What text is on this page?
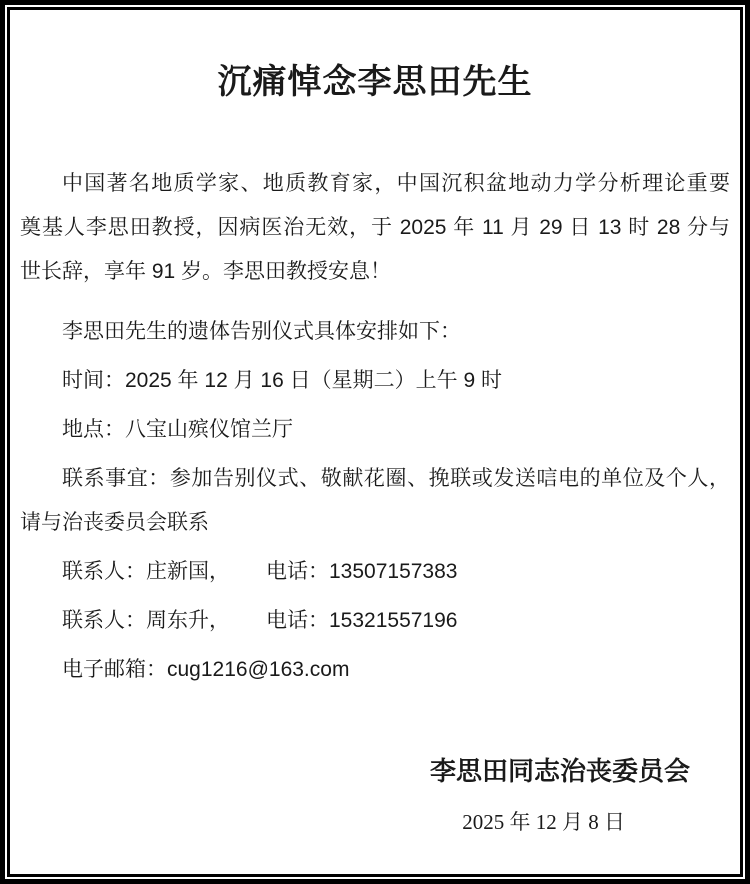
沉痛悼念李思田先生
中国著名地质学家、地质教育家，中国沉积盆地动力学分析理论重要
奠基人李思田教授，因病医治无效，于 2025 年 11 月 29 日 13 时 28 分与
世长辞，享年 91 岁。李思田教授安息！
李思田先生的遗体告别仪式具体安排如下：
时间：2025 年 12 月 16 日（星期二）上午 9 时
地点：八宝山殡仪馆兰厅
联系事宜：参加告别仪式、敬献花圈、挽联或发送唁电的单位及个人，
请与治丧委员会联系
联系人：庄新国， 电话：13507157383
联系人：周东升， 电话：15321557196
电子邮箱：cug1216@163.com
李思田同志治丧委员会
2025 年 12 月 8 日
